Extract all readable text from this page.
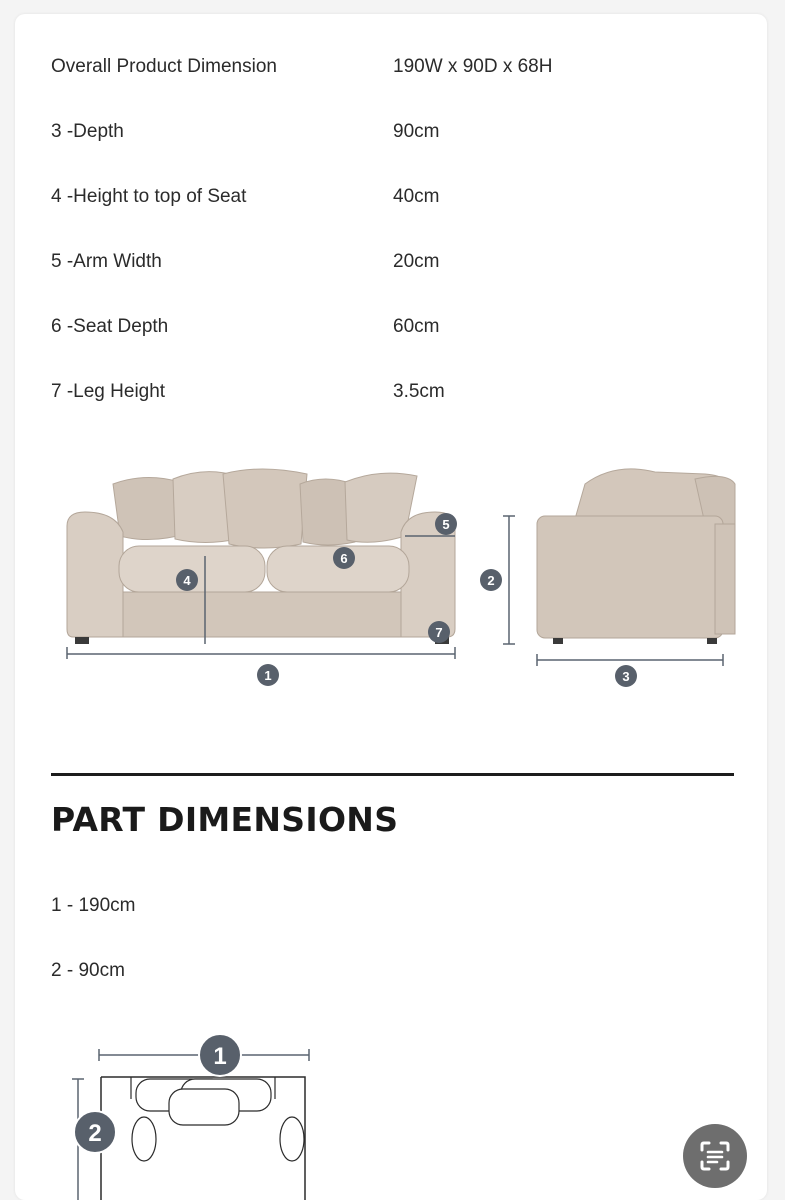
Overall Product Dimension	190W x 90D x 68H
3 -Depth	90cm
4 -Height to top of Seat	40cm
5 -Arm Width	20cm
6 -Seat Depth	60cm
7 -Leg Height	3.5cm
1
2
3
4
5
6
7
PART DIMENSIONS
1 - 190cm
2 - 90cm
1
2
